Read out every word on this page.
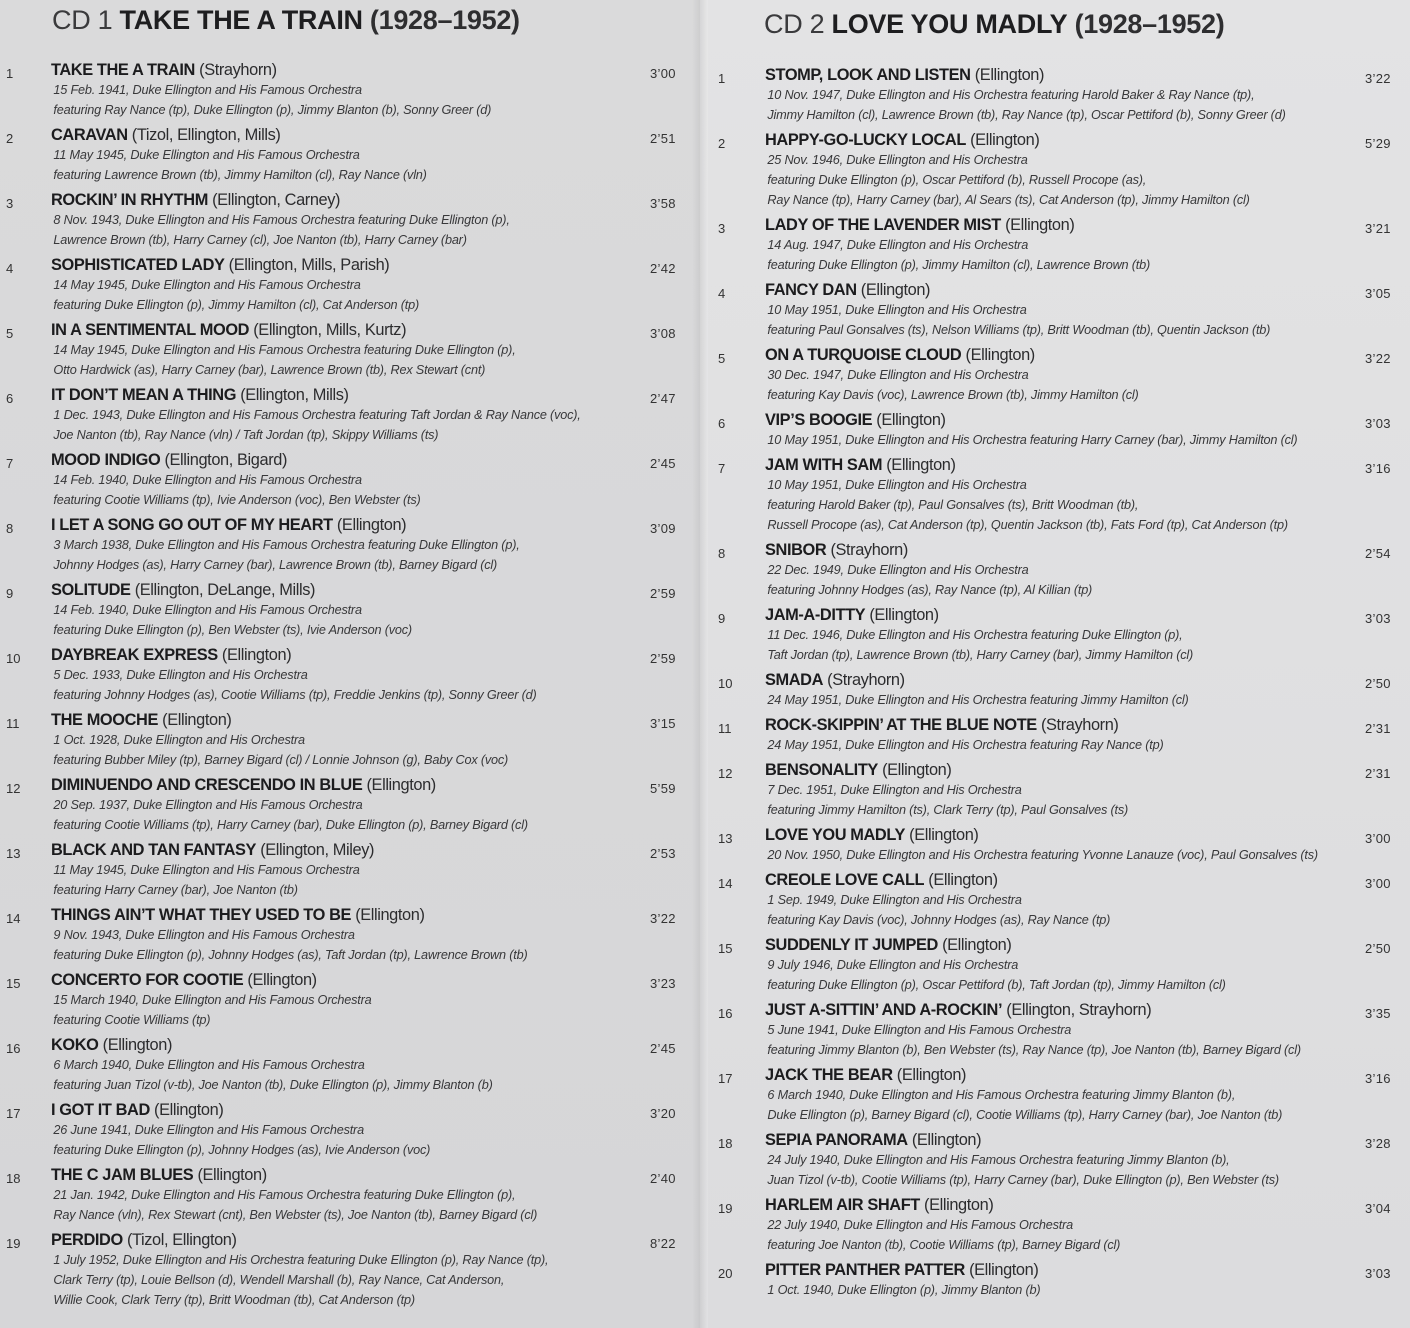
CD 1 TAKE THE A TRAIN (1928–1952)
1 TAKE THE A TRAIN (Strayhorn)
15 Feb. 1941, Duke Ellington and His Famous Orchestra
featuring Ray Nance (tp), Duke Ellington (p), Jimmy Blanton (b), Sonny Greer (d)
3’00
2 CARAVAN (Tizol, Ellington, Mills)
11 May 1945, Duke Ellington and His Famous Orchestra
featuring Lawrence Brown (tb), Jimmy Hamilton (cl), Ray Nance (vln)
2’51
3 ROCKIN’ IN RHYTHM (Ellington, Carney)
8 Nov. 1943, Duke Ellington and His Famous Orchestra featuring Duke Ellington (p),
Lawrence Brown (tb), Harry Carney (cl), Joe Nanton (tb), Harry Carney (bar)
3’58
4 SOPHISTICATED LADY (Ellington, Mills, Parish)
14 May 1945, Duke Ellington and His Famous Orchestra
featuring Duke Ellington (p), Jimmy Hamilton (cl), Cat Anderson (tp)
2’42
5 IN A SENTIMENTAL MOOD (Ellington, Mills, Kurtz)
14 May 1945, Duke Ellington and His Famous Orchestra featuring Duke Ellington (p),
Otto Hardwick (as), Harry Carney (bar), Lawrence Brown (tb), Rex Stewart (cnt)
3’08
6 IT DON’T MEAN A THING (Ellington, Mills)
1 Dec. 1943, Duke Ellington and His Famous Orchestra featuring Taft Jordan & Ray Nance (voc),
Joe Nanton (tb), Ray Nance (vln) / Taft Jordan (tp), Skippy Williams (ts)
2’47
7 MOOD INDIGO (Ellington, Bigard)
14 Feb. 1940, Duke Ellington and His Famous Orchestra
featuring Cootie Williams (tp), Ivie Anderson (voc), Ben Webster (ts)
2’45
8 I LET A SONG GO OUT OF MY HEART (Ellington)
3 March 1938, Duke Ellington and His Famous Orchestra featuring Duke Ellington (p),
Johnny Hodges (as), Harry Carney (bar), Lawrence Brown (tb), Barney Bigard (cl)
3’09
9 SOLITUDE (Ellington, DeLange, Mills)
14 Feb. 1940, Duke Ellington and His Famous Orchestra
featuring Duke Ellington (p), Ben Webster (ts), Ivie Anderson (voc)
2’59
10 DAYBREAK EXPRESS (Ellington)
5 Dec. 1933, Duke Ellington and His Orchestra
featuring Johnny Hodges (as), Cootie Williams (tp), Freddie Jenkins (tp), Sonny Greer (d)
2’59
11 THE MOOCHE (Ellington)
1 Oct. 1928, Duke Ellington and His Orchestra
featuring Bubber Miley (tp), Barney Bigard (cl) / Lonnie Johnson (g), Baby Cox (voc)
3’15
12 DIMINUENDO AND CRESCENDO IN BLUE (Ellington)
20 Sep. 1937, Duke Ellington and His Famous Orchestra
featuring Cootie Williams (tp), Harry Carney (bar), Duke Ellington (p), Barney Bigard (cl)
5’59
13 BLACK AND TAN FANTASY (Ellington, Miley)
11 May 1945, Duke Ellington and His Famous Orchestra
featuring Harry Carney (bar), Joe Nanton (tb)
2’53
14 THINGS AIN’T WHAT THEY USED TO BE (Ellington)
9 Nov. 1943, Duke Ellington and His Famous Orchestra
featuring Duke Ellington (p), Johnny Hodges (as), Taft Jordan (tp), Lawrence Brown (tb)
3’22
15 CONCERTO FOR COOTIE (Ellington)
15 March 1940, Duke Ellington and His Famous Orchestra
featuring Cootie Williams (tp)
3’23
16 KOKO (Ellington)
6 March 1940, Duke Ellington and His Famous Orchestra
featuring Juan Tizol (v-tb), Joe Nanton (tb), Duke Ellington (p), Jimmy Blanton (b)
2’45
17 I GOT IT BAD (Ellington)
26 June 1941, Duke Ellington and His Famous Orchestra
featuring Duke Ellington (p), Johnny Hodges (as), Ivie Anderson (voc)
3’20
18 THE C JAM BLUES (Ellington)
21 Jan. 1942, Duke Ellington and His Famous Orchestra featuring Duke Ellington (p),
Ray Nance (vln), Rex Stewart (cnt), Ben Webster (ts), Joe Nanton (tb), Barney Bigard (cl)
2’40
19 PERDIDO (Tizol, Ellington)
1 July 1952, Duke Ellington and His Orchestra featuring Duke Ellington (p), Ray Nance (tp),
Clark Terry (tp), Louie Bellson (d), Wendell Marshall (b), Ray Nance, Cat Anderson,
Willie Cook, Clark Terry (tp), Britt Woodman (tb), Cat Anderson (tp)
8’22
CD 2 LOVE YOU MADLY (1928–1952)
1 STOMP, LOOK AND LISTEN (Ellington)
10 Nov. 1947, Duke Ellington and His Orchestra featuring Harold Baker & Ray Nance (tp),
Jimmy Hamilton (cl), Lawrence Brown (tb), Ray Nance (tp), Oscar Pettiford (b), Sonny Greer (d)
3’22
2 HAPPY-GO-LUCKY LOCAL (Ellington)
25 Nov. 1946, Duke Ellington and His Orchestra
featuring Duke Ellington (p), Oscar Pettiford (b), Russell Procope (as),
Ray Nance (tp), Harry Carney (bar), Al Sears (ts), Cat Anderson (tp), Jimmy Hamilton (cl)
5’29
3 LADY OF THE LAVENDER MIST (Ellington)
14 Aug. 1947, Duke Ellington and His Orchestra
featuring Duke Ellington (p), Jimmy Hamilton (cl), Lawrence Brown (tb)
3’21
4 FANCY DAN (Ellington)
10 May 1951, Duke Ellington and His Orchestra
featuring Paul Gonsalves (ts), Nelson Williams (tp), Britt Woodman (tb), Quentin Jackson (tb)
3’05
5 ON A TURQUOISE CLOUD (Ellington)
30 Dec. 1947, Duke Ellington and His Orchestra
featuring Kay Davis (voc), Lawrence Brown (tb), Jimmy Hamilton (cl)
3’22
6 VIP’S BOOGIE (Ellington)
10 May 1951, Duke Ellington and His Orchestra featuring Harry Carney (bar), Jimmy Hamilton (cl)
3’03
7 JAM WITH SAM (Ellington)
10 May 1951, Duke Ellington and His Orchestra
featuring Harold Baker (tp), Paul Gonsalves (ts), Britt Woodman (tb),
Russell Procope (as), Cat Anderson (tp), Quentin Jackson (tb), Fats Ford (tp), Cat Anderson (tp)
3’16
8 SNIBOR (Strayhorn)
22 Dec. 1949, Duke Ellington and His Orchestra
featuring Johnny Hodges (as), Ray Nance (tp), Al Killian (tp)
2’54
9 JAM-A-DITTY (Ellington)
11 Dec. 1946, Duke Ellington and His Orchestra featuring Duke Ellington (p),
Taft Jordan (tp), Lawrence Brown (tb), Harry Carney (bar), Jimmy Hamilton (cl)
3’03
10 SMADA (Strayhorn)
24 May 1951, Duke Ellington and His Orchestra featuring Jimmy Hamilton (cl)
2’50
11 ROCK-SKIPPIN’ AT THE BLUE NOTE (Strayhorn)
24 May 1951, Duke Ellington and His Orchestra featuring Ray Nance (tp)
2’31
12 BENSONALITY (Ellington)
7 Dec. 1951, Duke Ellington and His Orchestra
featuring Jimmy Hamilton (ts), Clark Terry (tp), Paul Gonsalves (ts)
2’31
13 LOVE YOU MADLY (Ellington)
20 Nov. 1950, Duke Ellington and His Orchestra featuring Yvonne Lanauze (voc), Paul Gonsalves (ts)
3’00
14 CREOLE LOVE CALL (Ellington)
1 Sep. 1949, Duke Ellington and His Orchestra
featuring Kay Davis (voc), Johnny Hodges (as), Ray Nance (tp)
3’00
15 SUDDENLY IT JUMPED (Ellington)
9 July 1946, Duke Ellington and His Orchestra
featuring Duke Ellington (p), Oscar Pettiford (b), Taft Jordan (tp), Jimmy Hamilton (cl)
2’50
16 JUST A-SITTIN’ AND A-ROCKIN’ (Ellington, Strayhorn)
5 June 1941, Duke Ellington and His Famous Orchestra
featuring Jimmy Blanton (b), Ben Webster (ts), Ray Nance (tp), Joe Nanton (tb), Barney Bigard (cl)
3’35
17 JACK THE BEAR (Ellington)
6 March 1940, Duke Ellington and His Famous Orchestra featuring Jimmy Blanton (b),
Duke Ellington (p), Barney Bigard (cl), Cootie Williams (tp), Harry Carney (bar), Joe Nanton (tb)
3’16
18 SEPIA PANORAMA (Ellington)
24 July 1940, Duke Ellington and His Famous Orchestra featuring Jimmy Blanton (b),
Juan Tizol (v-tb), Cootie Williams (tp), Harry Carney (bar), Duke Ellington (p), Ben Webster (ts)
3’28
19 HARLEM AIR SHAFT (Ellington)
22 July 1940, Duke Ellington and His Famous Orchestra
featuring Joe Nanton (tb), Cootie Williams (tp), Barney Bigard (cl)
3’04
20 PITTER PANTHER PATTER (Ellington)
1 Oct. 1940, Duke Ellington (p), Jimmy Blanton (b)
3’03
